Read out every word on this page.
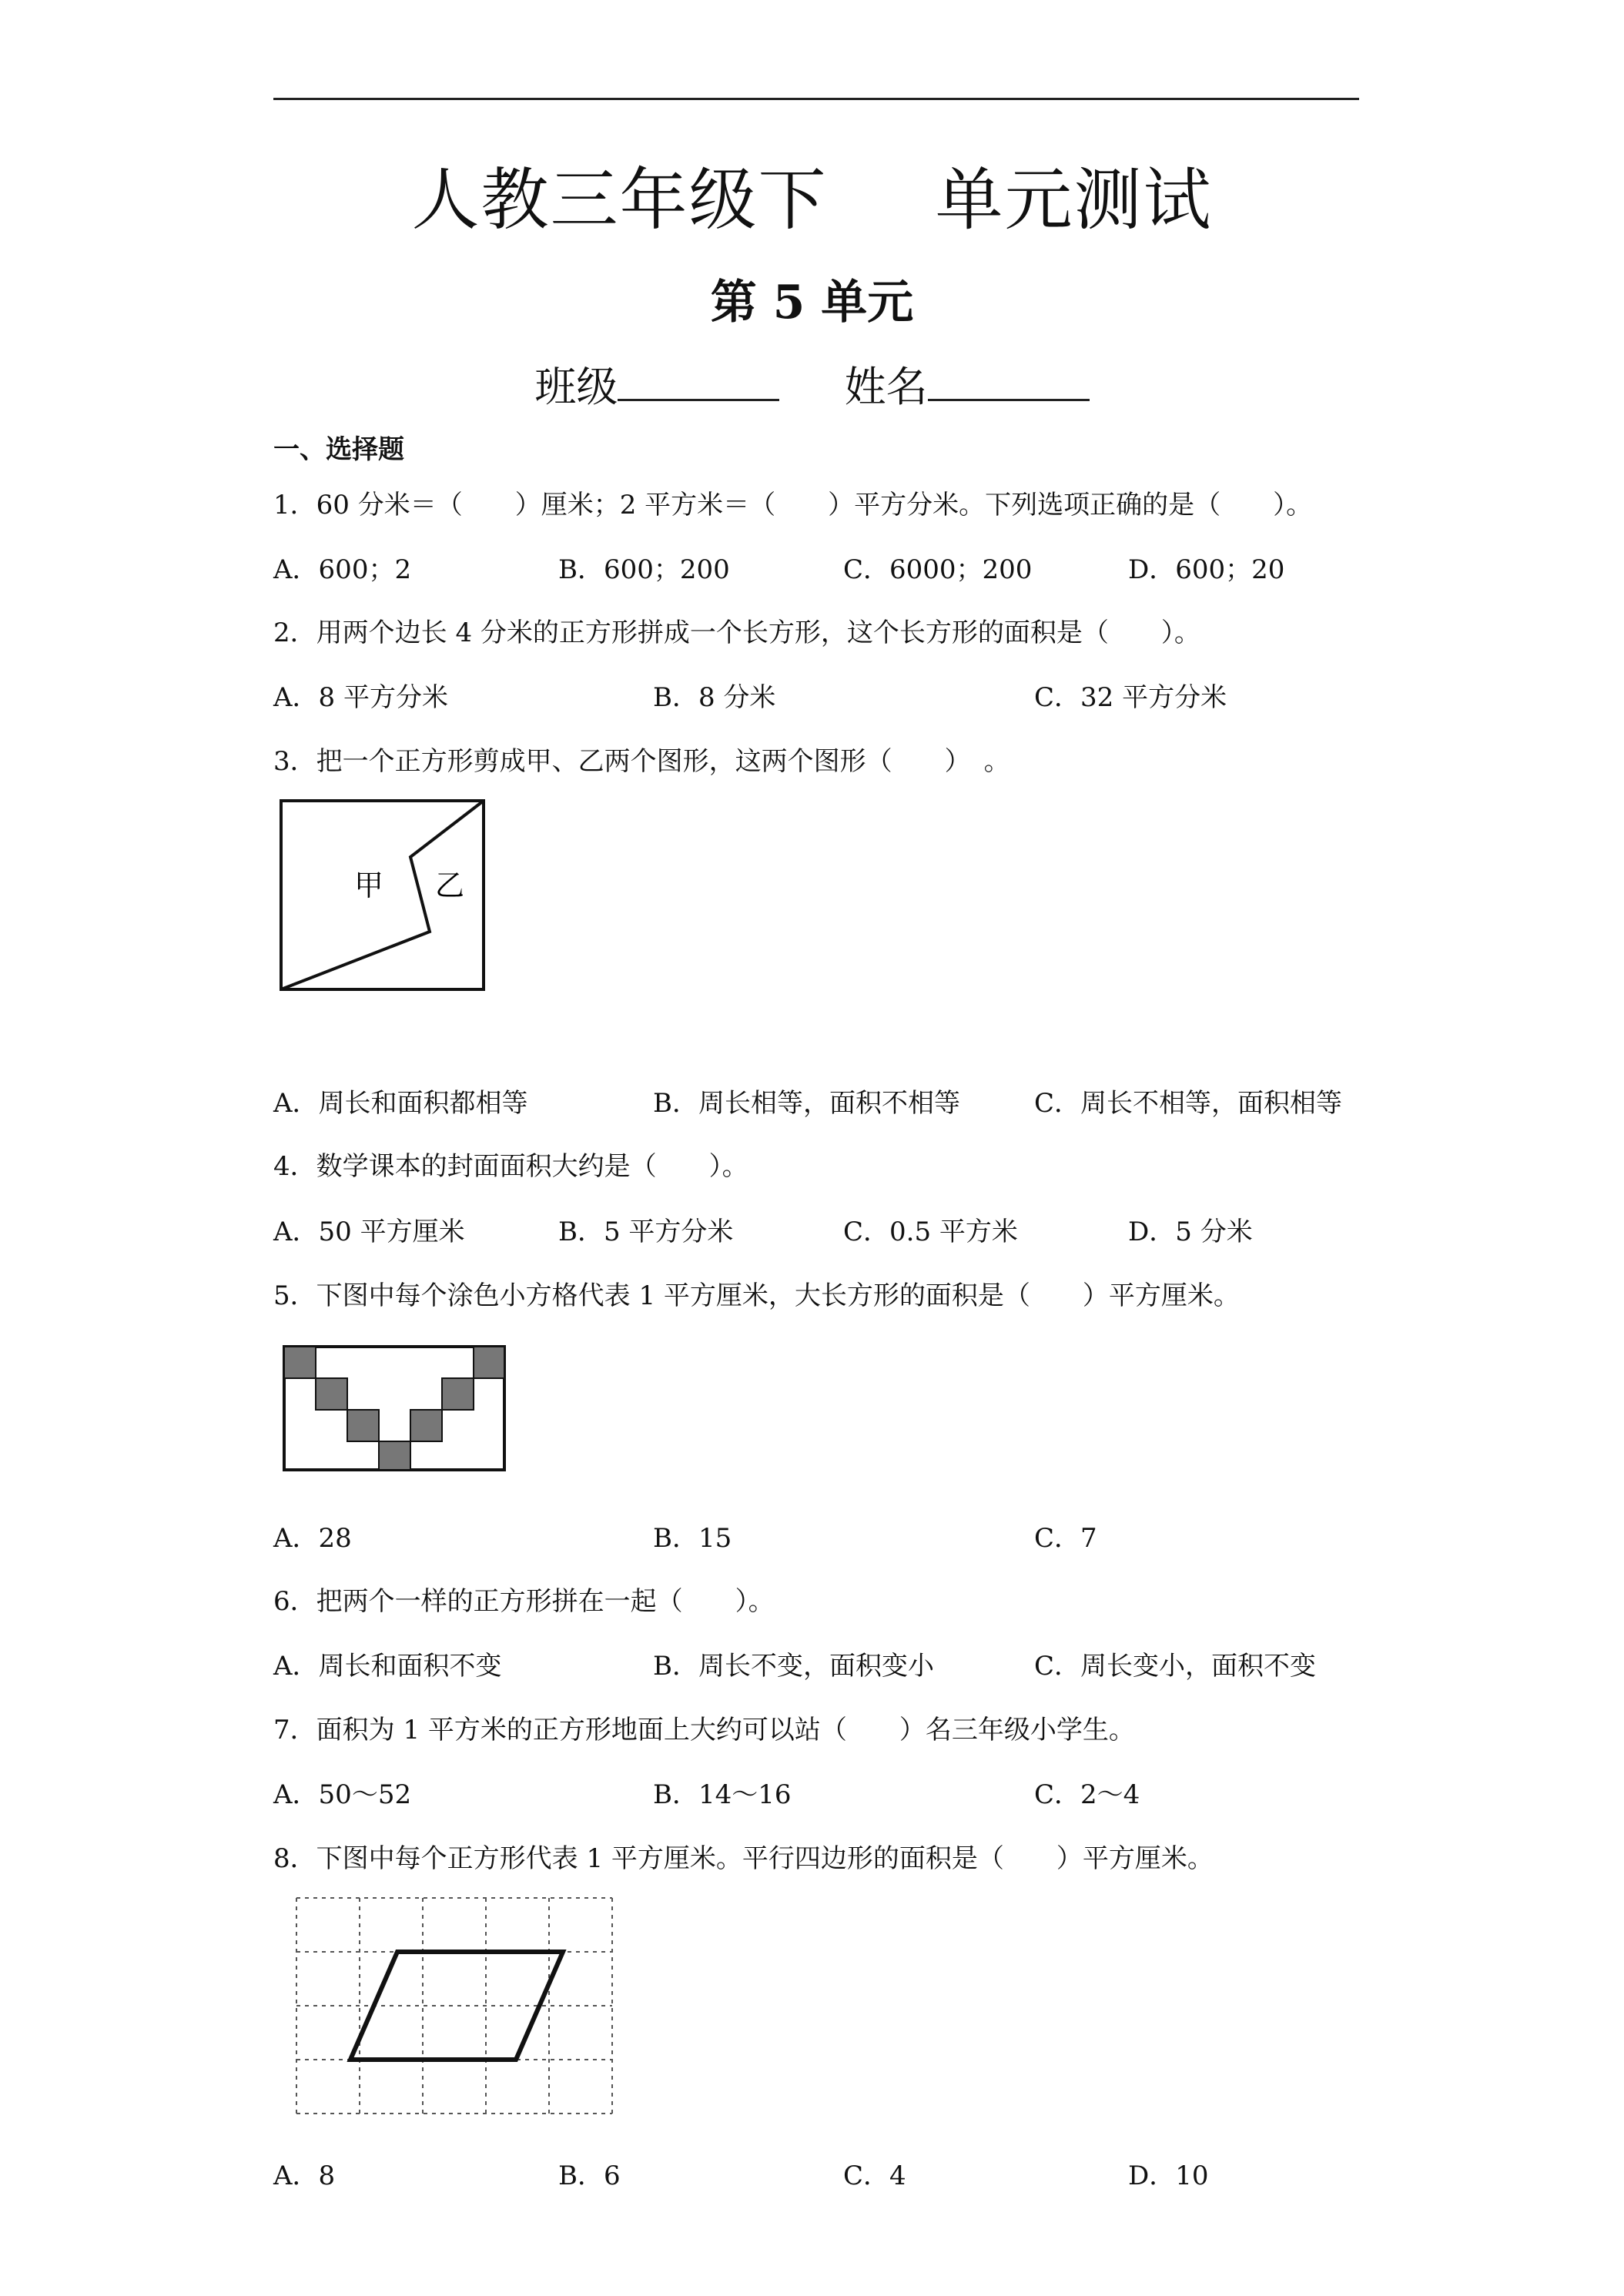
人教三年级下 单元测试
第 5 单元
班级	姓名
一、选择题
1．60 分米＝（　　）厘米；2 平方米＝（　　）平方分米。下列选项正确的是（　　）。
A．600；2	B．600；200	C．6000；200	D．600；20
2．用两个边长 4 分米的正方形拼成一个长方形，这个长方形的面积是（　　）。
A．8 平方分米	B．8 分米	C．32 平方分米
3．把一个正方形剪成甲、乙两个图形，这两个图形（　　）　。
甲 乙
A．周长和面积都相等	B．周长相等，面积不相等	C．周长不相等，面积相等
4．数学课本的封面面积大约是（　　）。
A．50 平方厘米	B．5 平方分米	C．0.5 平方米	D．5 分米
5．下图中每个涂色小方格代表 1 平方厘米，大长方形的面积是（　　）平方厘米。
A．28	B．15	C．7
6．把两个一样的正方形拼在一起（　　）。
A．周长和面积不变	B．周长不变，面积变小	C．周长变小，面积不变
7．面积为 1 平方米的正方形地面上大约可以站（　　）名三年级小学生。
A．50～52	B．14～16	C．2～4
8．下图中每个正方形代表 1 平方厘米。平行四边形的面积是（　　）平方厘米。
A．8	B．6	C．4	D．10
